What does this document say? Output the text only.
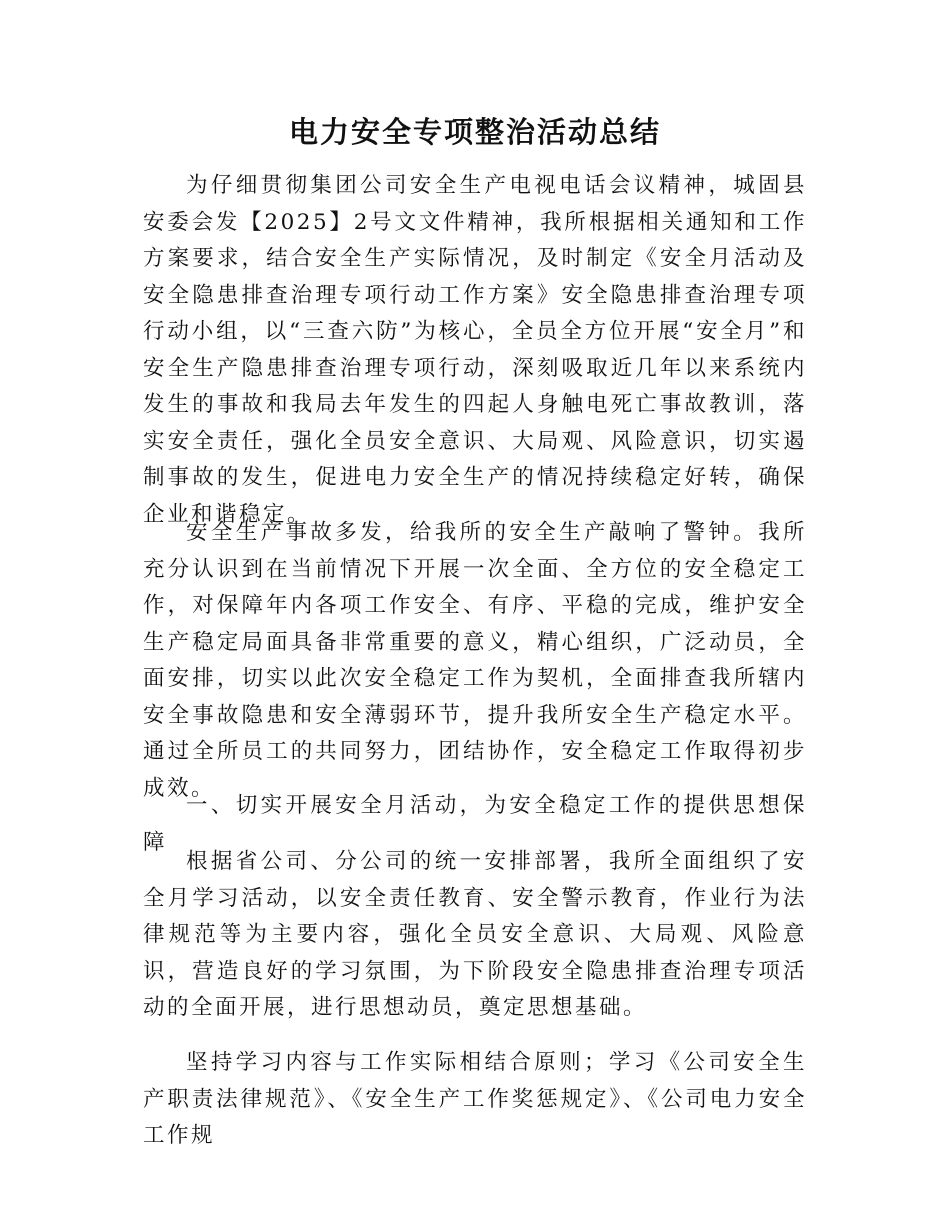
电力安全专项整治活动总结

为仔细贯彻集团公司安全生产电视电话会议精神，城固县安委会发【2025】2号文文件精神，我所根据相关通知和工作方案要求，结合安全生产实际情况，及时制定《安全月活动及安全隐患排查治理专项行动工作方案》安全隐患排查治理专项行动小组，以“三查六防”为核心，全员全方位开展“安全月”和安全生产隐患排查治理专项行动，深刻吸取近几年以来系统内发生的事故和我局去年发生的四起人身触电死亡事故教训，落实安全责任，强化全员安全意识、大局观、风险意识，切实遏制事故的发生，促进电力安全生产的情况持续稳定好转，确保企业和谐稳定。

安全生产事故多发，给我所的安全生产敲响了警钟。我所充分认识到在当前情况下开展一次全面、全方位的安全稳定工作，对保障年内各项工作安全、有序、平稳的完成，维护安全生产稳定局面具备非常重要的意义，精心组织，广泛动员，全面安排，切实以此次安全稳定工作为契机，全面排查我所辖内安全事故隐患和安全薄弱环节，提升我所安全生产稳定水平。通过全所员工的共同努力，团结协作，安全稳定工作取得初步成效。

一、切实开展安全月活动，为安全稳定工作的提供思想保障

根据省公司、分公司的统一安排部署，我所全面组织了安全月学习活动，以安全责任教育、安全警示教育，作业行为法律规范等为主要内容，强化全员安全意识、大局观、风险意识，营造良好的学习氛围，为下阶段安全隐患排查治理专项活动的全面开展，进行思想动员，奠定思想基础。

坚持学习内容与工作实际相结合原则；学习《公司安全生产职责法律规范》、《安全生产工作奖惩规定》、《公司电力安全工作规
